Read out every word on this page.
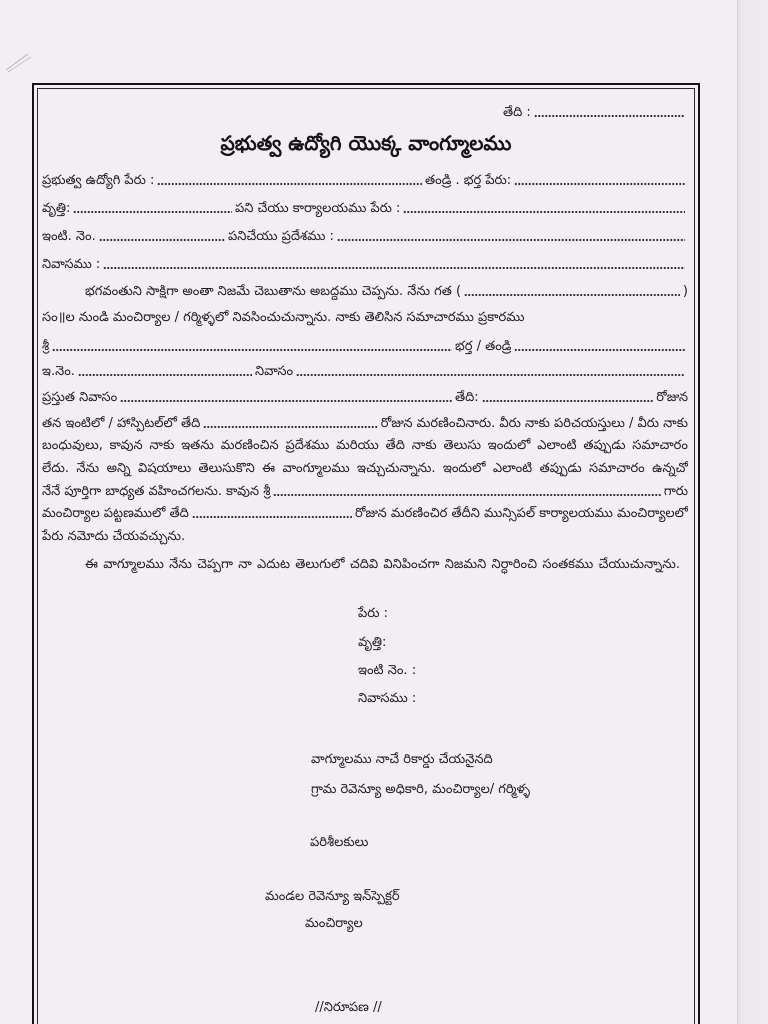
తేది :
ప్రభుత్వ ఉద్యోగి యొక్క వాంగ్మూలము
ప్రభుత్వ ఉద్యోగి పేరు :	తండ్రి . భర్త పేరు:
వృత్తి:	పని చేయు కార్యాలయము పేరు :
ఇంటి. నెం.	పనిచేయు ప్రదేశము :
నివాసము :
భగవంతుని సాక్షిగా అంతా నిజమే చెబుతాను అబద్దము చెప్పను. నేను గత (	)
సం॥ల నుండి మంచిర్యాల / గర్మిళ్ళలో నివసించుచున్నాను. నాకు తెలిసిన సమాచారము ప్రకారము
శ్రీ	భర్త / తండ్రి
ఇ.నెం.	నివాసం
ప్రస్తుత నివాసం	తేది:	రోజున
తన ఇంటిలో / హాస్పిటల్‌లో తేది	రోజున మరణించినారు. వీరు నాకు పరిచయస్తులు / వీరు నాకు
బంధువులు, కావున నాకు ఇతను మరణించిన ప్రదేశము మరియు తేది నాకు తెలుసు ఇందులో ఎలాంటి తప్పుడు సమాచారం
లేదు. నేను అన్ని విషయాలు తెలుసుకొని ఈ వాంగ్మూలము ఇచ్చుచున్నాను. ఇందులో ఎలాంటి తప్పుడు సమాచారం ఉన్నచో
నేనే పూర్తిగా బాధ్యత వహించగలను. కావున శ్రీ	గారు
మంచిర్యాల పట్టణములో తేది	రోజున మరణించిర తేదీని మున్సిపల్ కార్యాలయము మంచిర్యాలలో
పేరు నమోదు చేయవచ్చును.
ఈ వాగ్మూలము నేను చెప్పగా నా ఎదుట తెలుగులో చదివి వినిపించగా నిజమని నిర్ధారించి సంతకము చేయుచున్నాను.
పేరు :
వృత్తి:
ఇంటి నెం. :
నివాసము :
వాగ్మూలము నాచే రికార్డు చేయనైనది
గ్రామ రెవెన్యూ అధికారి, మంచిర్యాల/ గర్మిళ్ళ
పరిశీలకులు
మండల రెవెన్యూ ఇన్‌స్పెక్టర్
మంచిర్యాల
//నిరూపణ //
